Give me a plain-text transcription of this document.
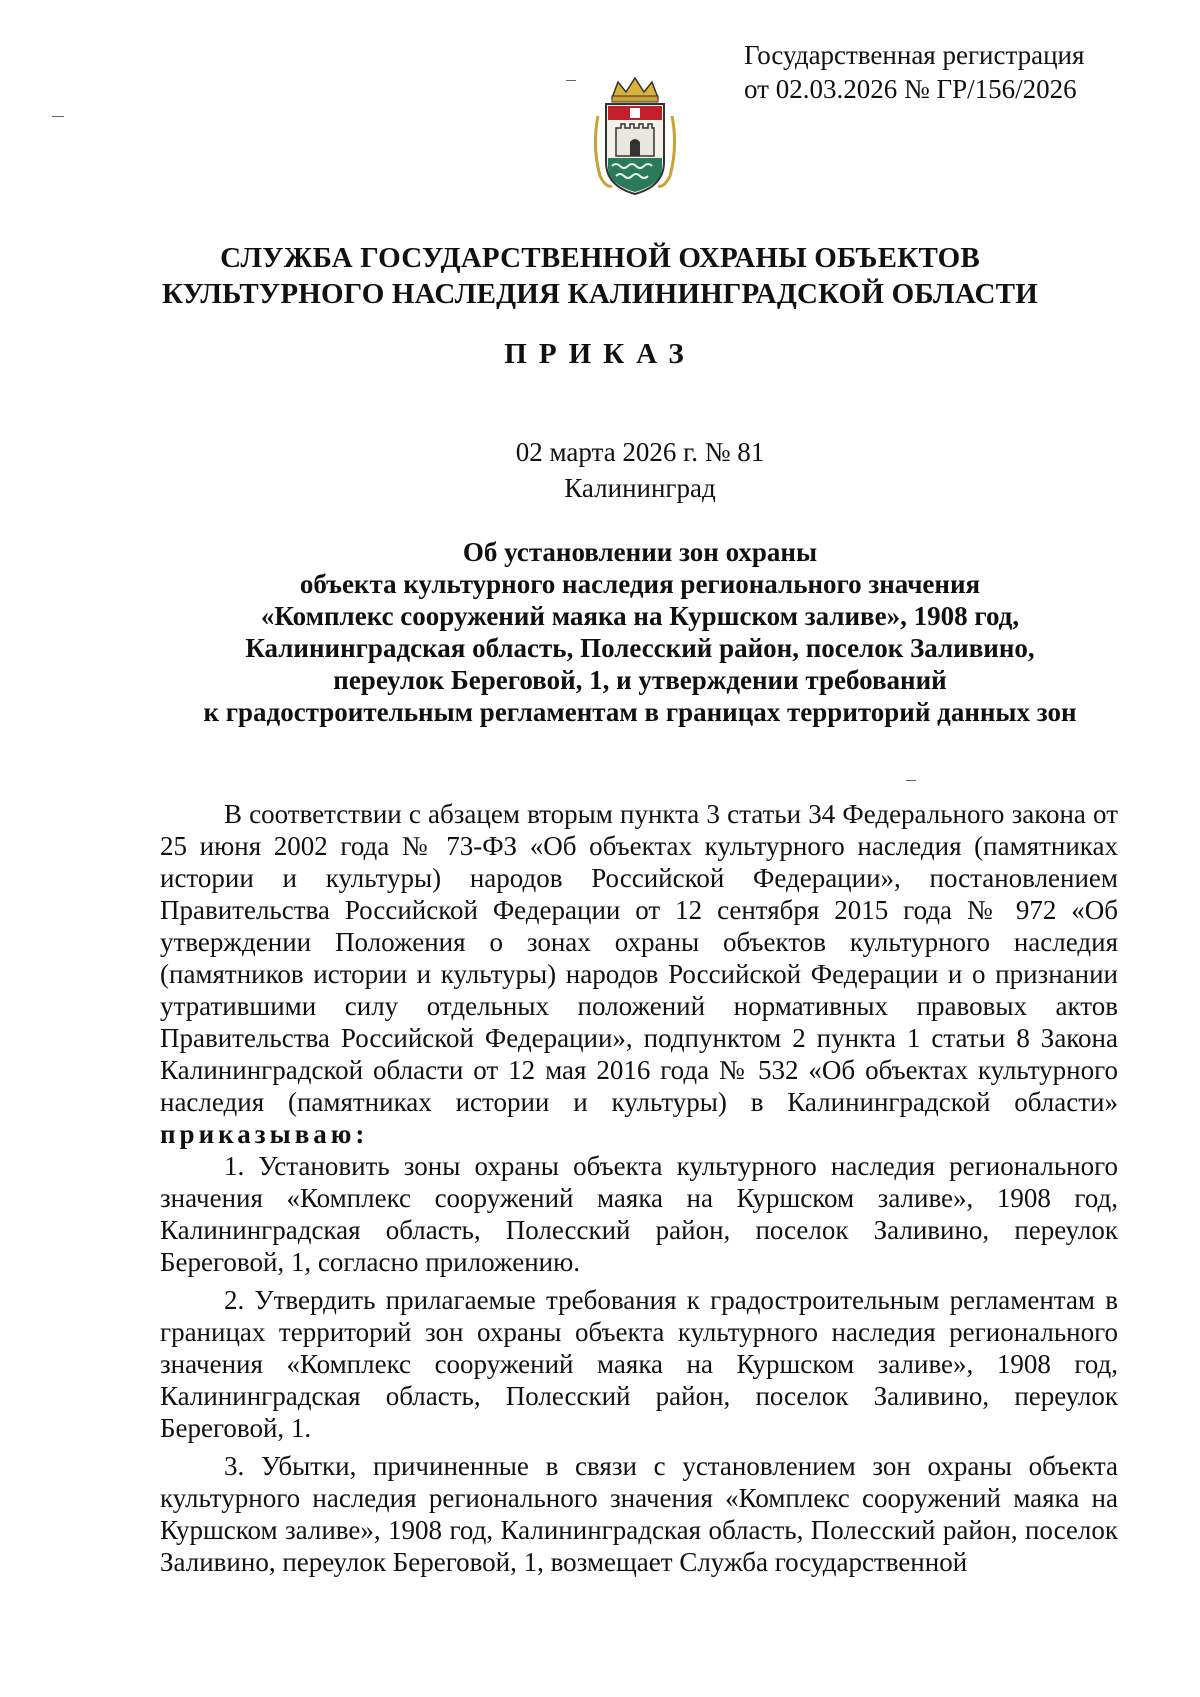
Государственная регистрация
от 02.03.2026 № ГР/156/2026
СЛУЖБА ГОСУДАРСТВЕННОЙ ОХРАНЫ ОБЪЕКТОВ
КУЛЬТУРНОГО НАСЛЕДИЯ КАЛИНИНГРАДСКОЙ ОБЛАСТИ
ПРИКАЗ
02 марта 2026 г. № 81
Калининград
Об установлении зон охраны
объекта культурного наследия регионального значения
«Комплекс сооружений маяка на Куршском заливе», 1908 год,
Калининградская область, Полесский район, поселок Заливино,
переулок Береговой, 1, и утверждении требований
к градостроительным регламентам в границах территорий данных зон

В соответствии с абзацем вторым пункта 3 статьи 34 Федерального закона от 25 июня 2002 года № 73-ФЗ «Об объектах культурного наследия (памятниках истории и культуры) народов Российской Федерации», постановлением Правительства Российской Федерации от 12 сентября 2015 года № 972 «Об утверждении Положения о зонах охраны объектов культурного наследия (памятников истории и культуры) народов Российской Федерации и о признании утратившими силу отдельных положений нормативных правовых актов Правительства Российской Федерации», подпунктом 2 пункта 1 статьи 8 Закона Калининградской области от 12 мая 2016 года № 532 «Об объектах культурного наследия (памятниках истории и культуры) в Калининградской области» приказываю:

1. Установить зоны охраны объекта культурного наследия регионального значения «Комплекс сооружений маяка на Куршском заливе», 1908 год, Калининградская область, Полесский район, поселок Заливино, переулок Береговой, 1, согласно приложению.

2. Утвердить прилагаемые требования к градостроительным регламентам в границах территорий зон охраны объекта культурного наследия регионального значения «Комплекс сооружений маяка на Куршском заливе», 1908 год, Калининградская область, Полесский район, поселок Заливино, переулок Береговой, 1.

3. Убытки, причиненные в связи с установлением зон охраны объекта культурного наследия регионального значения «Комплекс сооружений маяка на Куршском заливе», 1908 год, Калининградская область, Полесский район, поселок Заливино, переулок Береговой, 1, возмещает Служба государственной
